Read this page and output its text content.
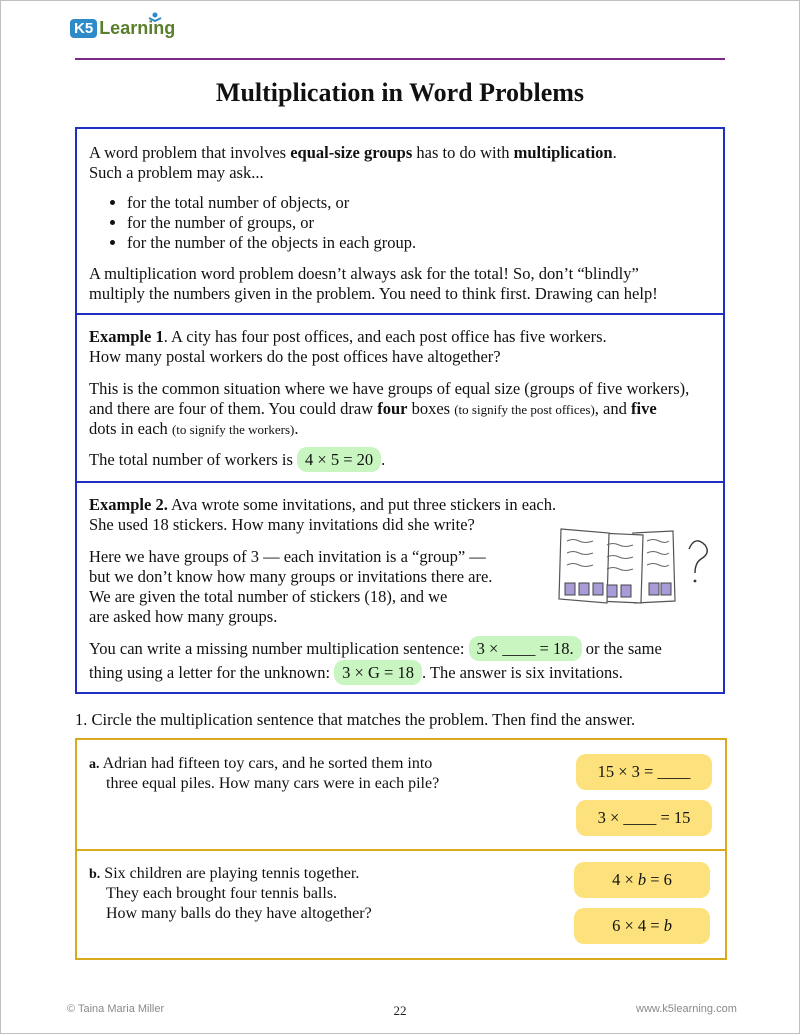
K5 Learning
Multiplication in Word Problems
A word problem that involves equal-size groups has to do with multiplication.
Such a problem may ask...
• for the total number of objects, or
• for the number of groups, or
• for the number of the objects in each group.
A multiplication word problem doesn’t always ask for the total! So, don’t “blindly”
multiply the numbers given in the problem. You need to think first. Drawing can help!
Example 1. A city has four post offices, and each post office has five workers.
How many postal workers do the post offices have altogether?
This is the common situation where we have groups of equal size (groups of five workers),
and there are four of them. You could draw four boxes (to signify the post offices), and five
dots in each (to signify the workers).
The total number of workers is 4 × 5 = 20 .
Example 2. Ava wrote some invitations, and put three stickers in each.
She used 18 stickers. How many invitations did she write?
Here we have groups of 3 — each invitation is a “group” —
but we don’t know how many groups or invitations there are.
We are given the total number of stickers (18), and we
are asked how many groups.
You can write a missing number multiplication sentence: 3 × ____ = 18. or the same
thing using a letter for the unknown: 3 × G = 18 . The answer is six invitations.
1. Circle the multiplication sentence that matches the problem. Then find the answer.
a. Adrian had fifteen toy cars, and he sorted them into
three equal piles. How many cars were in each pile?
15 × 3 = ____
3 × ____ = 15
b. Six children are playing tennis together.
They each brought four tennis balls.
How many balls do they have altogether?
4 × b = 6
6 × 4 = b
© Taina Maria Miller	22	www.k5learning.com
